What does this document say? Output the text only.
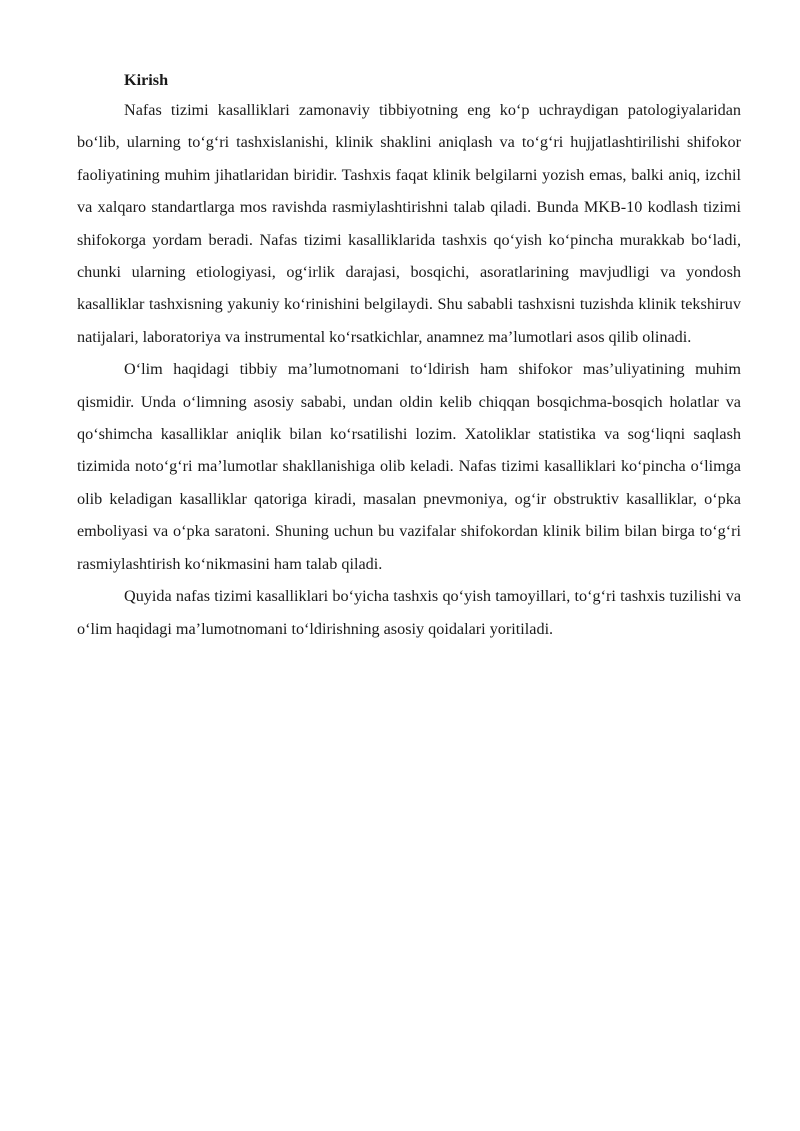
Kirish

Nafas tizimi kasalliklari zamonaviy tibbiyotning eng ko‘p uchraydigan patologiyalaridan bo‘lib, ularning to‘g‘ri tashxislanishi, klinik shaklini aniqlash va to‘g‘ri hujjatlashtirilishi shifokor faoliyatining muhim jihatlaridan biridir. Tashxis faqat klinik belgilarni yozish emas, balki aniq, izchil va xalqaro standartlarga mos ravishda rasmiylashtirishni talab qiladi. Bunda MKB-10 kodlash tizimi shifokorga yordam beradi. Nafas tizimi kasalliklarida tashxis qo‘yish ko‘pincha murakkab bo‘ladi, chunki ularning etiologiyasi, og‘irlik darajasi, bosqichi, asoratlarining mavjudligi va yondosh kasalliklar tashxisning yakuniy ko‘rinishini belgilaydi. Shu sababli tashxisni tuzishda klinik tekshiruv natijalari, laboratoriya va instrumental ko‘rsatkichlar, anamnez ma’lumotlari asos qilib olinadi.

O‘lim haqidagi tibbiy ma’lumotnomani to‘ldirish ham shifokor mas’uliyatining muhim qismidir. Unda o‘limning asosiy sababi, undan oldin kelib chiqqan bosqichma-bosqich holatlar va qo‘shimcha kasalliklar aniqlik bilan ko‘rsatilishi lozim. Xatoliklar statistika va sog‘liqni saqlash tizimida noto‘g‘ri ma’lumotlar shakllanishiga olib keladi. Nafas tizimi kasalliklari ko‘pincha o‘limga olib keladigan kasalliklar qatoriga kiradi, masalan pnevmoniya, og‘ir obstruktiv kasalliklar, o‘pka emboliyasi va o‘pka saratoni. Shuning uchun bu vazifalar shifokordan klinik bilim bilan birga to‘g‘ri rasmiylashtirish ko‘nikmasini ham talab qiladi.

Quyida nafas tizimi kasalliklari bo‘yicha tashxis qo‘yish tamoyillari, to‘g‘ri tashxis tuzilishi va o‘lim haqidagi ma’lumotnomani to‘ldirishning asosiy qoidalari yoritiladi.
